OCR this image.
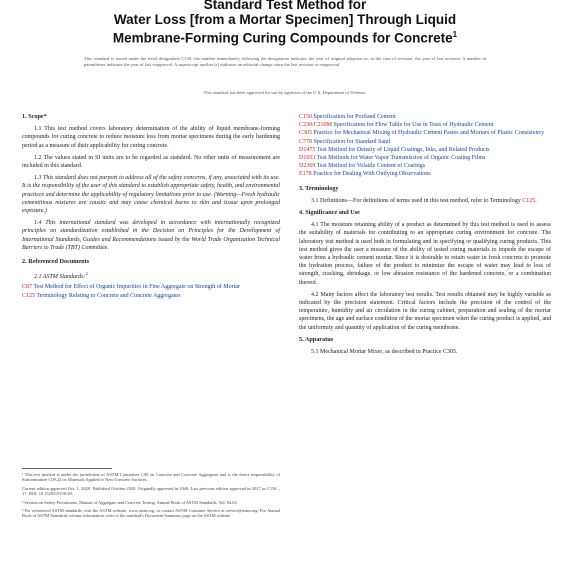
Standard Test Method for
Water Loss [from a Mortar Specimen] Through Liquid
Membrane-Forming Curing Compounds for Concrete$^1$
This standard is issued under the fixed designation C156; the number immediately following the designation indicates the year of original adoption or, in the case of revision, the year of last revision. A number in parentheses indicates the year of last reapproval. A superscript epsilon (ε) indicates an editorial change since the last revision or reapproval.
This standard has been approved for use by agencies of the U.S. Department of Defense.
1. Scope*
1.1 This test method covers laboratory determination of the ability of liquid membrane-forming compounds for curing concrete to reduce moisture loss from mortar specimens during the early hardening period as a measure of their applicability for curing concrete.
1.2 The values stated in SI units are to be regarded as standard. No other units of measurement are included in this standard.
1.3 This standard does not purport to address all of the safety concerns, if any, associated with its use. It is the responsibility of the user of this standard to establish appropriate safety, health, and environmental practices and determine the applicability of regulatory limitations prior to use. (Warning—Fresh hydraulic cementitious mixtures are caustic and may cause chemical burns to skin and tissue upon prolonged exposure.)
1.4 This international standard was developed in accordance with internationally recognized principles on standardization established in the Decision on Principles for the Development of International Standards, Guides and Recommendations issued by the World Trade Organization Technical Barriers to Trade (TBT) Committee.
2. Referenced Documents
2.1 ASTM Standards:$^2$
C87 Test Method for Effect of Organic Impurities in Fine Aggregate on Strength of Mortar
C125 Terminology Relating to Concrete and Concrete Aggregates
¹ This test method is under the jurisdiction of ASTM Committee C09 on Concrete and Concrete Aggregates and is the direct responsibility of Subcommittee C09.22 on Materials Applied to New Concrete Surfaces.
Current edition approved Oct. 1, 2020. Published October 2020. Originally approved in 1940. Last previous edition approved in 2017 as C156 – 17. DOI: 10.1520/C0156-20.
² Section on Safety Precautions, Manual of Aggregate and Concrete Testing, Annual Book of ASTM Standards, Vol. 04.02.
³ For referenced ASTM standards, visit the ASTM website, www.astm.org, or contact ASTM Customer Service at service@astm.org. For Annual Book of ASTM Standards volume information, refer to the standard's Document Summary page on the ASTM website.
C150 Specification for Portland Cement
C230/C230M Specification for Flow Table for Use in Tests of Hydraulic Cement
C305 Practice for Mechanical Mixing of Hydraulic Cement Pastes and Mortars of Plastic Consistency
C778 Specification for Standard Sand
D1475 Test Method for Density of Liquid Coatings, Inks, and Related Products
D1653 Test Methods for Water Vapor Transmission of Organic Coating Films
D2369 Test Method for Volatile Content of Coatings
E178 Practice for Dealing With Outlying Observations
3. Terminology
3.1 Definitions—For definitions of terms used in this test method, refer to Terminology C125.
4. Significance and Use
4.1 The moisture retaining ability of a product as determined by this test method is used to assess the suitability of materials for contributing to an appropriate curing environment for concrete. The laboratory test method is used both in formulating and in specifying or qualifying curing products. This test method gives the user a measure of the ability of tested curing materials to impede the escape of water from a hydraulic cement mortar. Since it is desirable to retain water in fresh concrete to promote the hydration process, failure of the product to minimize the escape of water may lead to loss of strength, cracking, shrinkage, or low abrasion resistance of the hardened concrete, or a combination thereof.
4.2 Many factors affect the laboratory test results. Test results obtained may be highly variable as indicated by the precision statement. Critical factors include the precision of the control of the temperature, humidity and air circulation in the curing cabinet, preparation and sealing of the mortar specimens, the age and surface condition of the mortar specimen when the curing product is applied, and the uniformity and quantity of application of the curing membrane.
5. Apparatus
5.1 Mechanical Mortar Mixer, as described in Practice C305.
